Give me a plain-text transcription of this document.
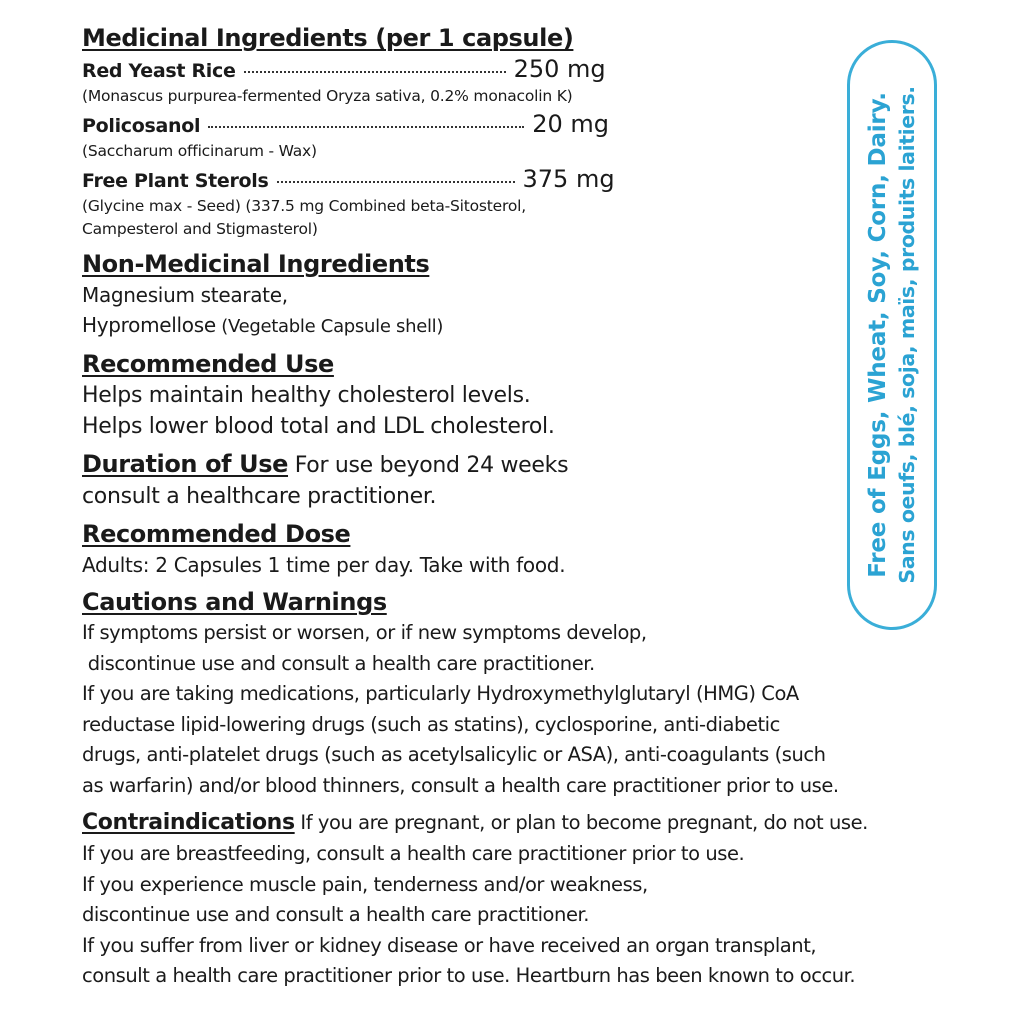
Medicinal Ingredients (per 1 capsule)
Red Yeast Rice	250 mg
(Monascus purpurea-fermented Oryza sativa, 0.2% monacolin K)
Policosanol	20 mg
(Saccharum officinarum - Wax)
Free Plant Sterols	375 mg
(Glycine max - Seed) (337.5 mg Combined beta-Sitosterol,
Campesterol and Stigmasterol)
Non-Medicinal Ingredients
Magnesium stearate,
Hypromellose (Vegetable Capsule shell)
Recommended Use
Helps maintain healthy cholesterol levels.
Helps lower blood total and LDL cholesterol.
Duration of Use For use beyond 24 weeks
consult a healthcare practitioner.
Recommended Dose
Adults: 2 Capsules 1 time per day. Take with food.
Cautions and Warnings
If symptoms persist or worsen, or if new symptoms develop,
discontinue use and consult a health care practitioner.
If you are taking medications, particularly Hydroxymethylglutaryl (HMG) CoA
reductase lipid-lowering drugs (such as statins), cyclosporine, anti-diabetic
drugs, anti-platelet drugs (such as acetylsalicylic or ASA), anti-coagulants (such
as warfarin) and/or blood thinners, consult a health care practitioner prior to use.
Contraindications If you are pregnant, or plan to become pregnant, do not use.
If you are breastfeeding, consult a health care practitioner prior to use.
If you experience muscle pain, tenderness and/or weakness,
discontinue use and consult a health care practitioner.
If you suffer from liver or kidney disease or have received an organ transplant,
consult a health care practitioner prior to use. Heartburn has been known to occur.
Free of Eggs, Wheat, Soy, Corn, Dairy. Sans oeufs, blé, soja, maïs, produits laitiers.
